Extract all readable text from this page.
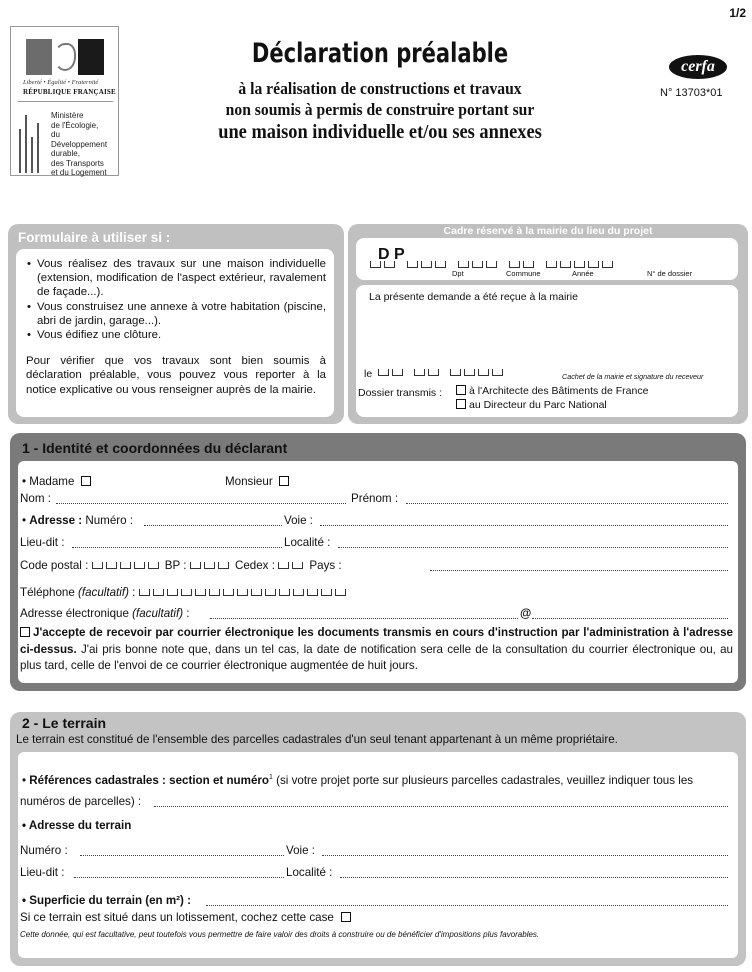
1/2
Liberté • Égalité • Fraternité
RÉPUBLIQUE FRANÇAISE
Ministère
de l'Écologie,
du Développement
durable,
des Transports
et du Logement
Déclaration préalable
à la réalisation de constructions et travaux
non soumis à permis de construire portant sur
une maison individuelle et/ou ses annexes
cerfa
N° 13703*01
Formulaire à utiliser si :
• Vous réalisez des travaux sur une maison individuelle (extension, modification de l'aspect extérieur, ravalement de façade...).
• Vous construisez une annexe à votre habitation (piscine, abri de jardin, garage...).
• Vous édifiez une clôture.
Pour vérifier que vos travaux sont bien soumis à déclaration préalable, vous pouvez vous reporter à la notice explicative ou vous renseigner auprès de la mairie.
Cadre réservé à la mairie du lieu du projet
D P
Dpt	Commune	Année	N° de dossier
La présente demande a été reçue à la mairie
le	Cachet de la mairie et signature du receveur
Dossier transmis :	à l'Architecte des Bâtiments de France
au Directeur du Parc National
1 - Identité et coordonnées du déclarant
• Madame	Monsieur
Nom :	Prénom :
• Adresse : Numéro :	Voie :
Lieu-dit :	Localité :
Code postal :	BP :	Cedex :	Pays :
Téléphone (facultatif) :
Adresse électronique (facultatif) :	@
J'accepte de recevoir par courrier électronique les documents transmis en cours d'instruction par l'administration à l'adresse ci-dessus. J'ai pris bonne note que, dans un tel cas, la date de notification sera celle de la consultation du courrier électronique ou, au plus tard, celle de l'envoi de ce courrier électronique augmentée de huit jours.
2 - Le terrain
Le terrain est constitué de l'ensemble des parcelles cadastrales d'un seul tenant appartenant à un même propriétaire.
• Références cadastrales : section et numéro$^1$ (si votre projet porte sur plusieurs parcelles cadastrales, veuillez indiquer tous les
numéros de parcelles) :
• Adresse du terrain
Numéro :	Voie :
Lieu-dit :	Localité :
• Superficie du terrain (en m²) :
Si ce terrain est situé dans un lotissement, cochez cette case
Cette donnée, qui est facultative, peut toutefois vous permettre de faire valoir des droits à construire ou de bénéficier d'impositions plus favorables.
